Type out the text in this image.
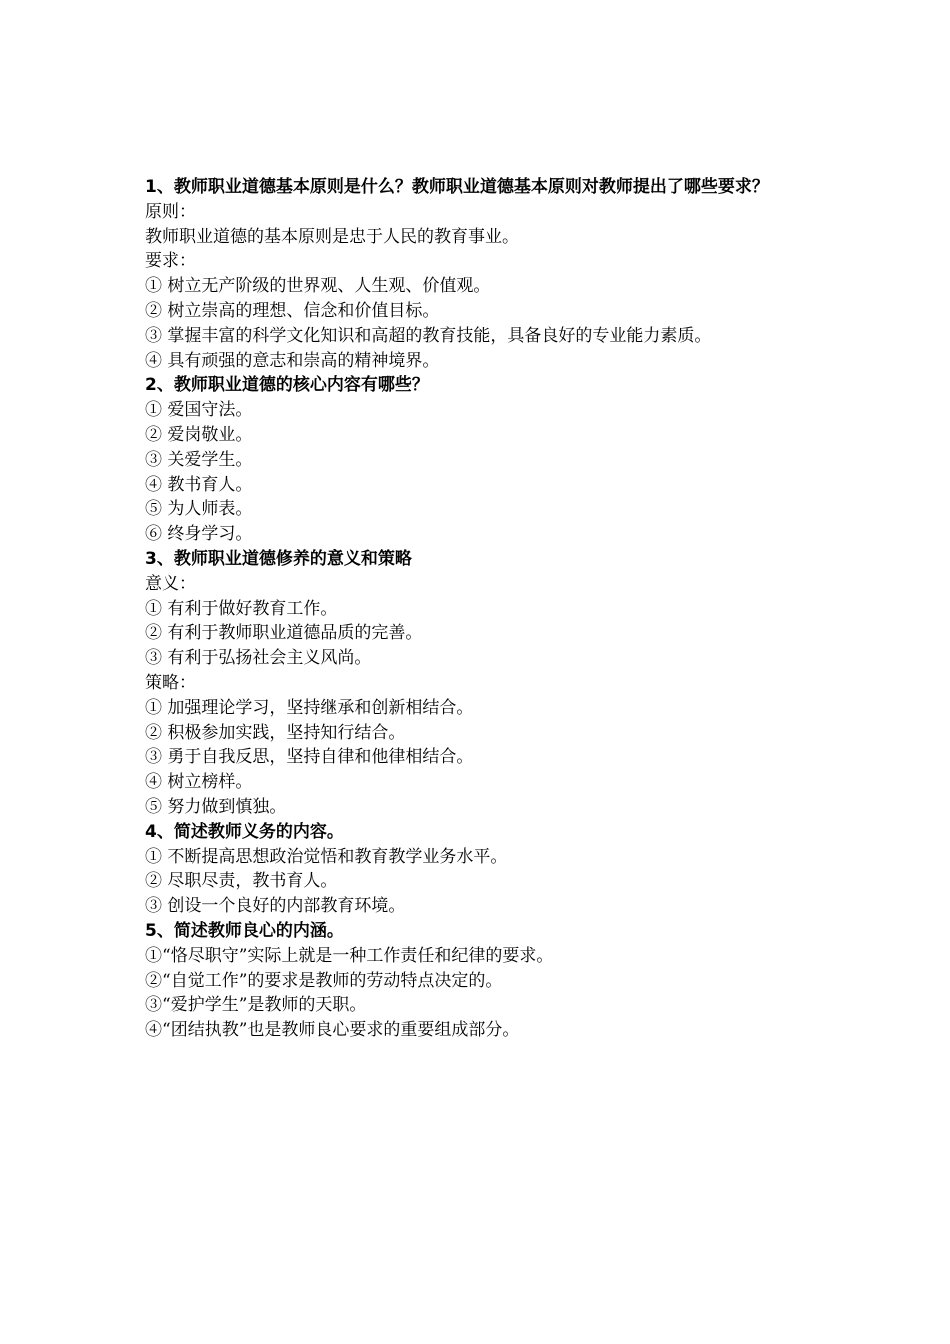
1、教师职业道德基本原则是什么？教师职业道德基本原则对教师提出了哪些要求？

原则：

教师职业道德的基本原则是忠于人民的教育事业。

要求：

① 树立无产阶级的世界观、人生观、价值观。

② 树立崇高的理想、信念和价值目标。

③ 掌握丰富的科学文化知识和高超的教育技能，具备良好的专业能力素质。

④ 具有顽强的意志和崇高的精神境界。

2、教师职业道德的核心内容有哪些？

① 爱国守法。

② 爱岗敬业。

③ 关爱学生。

④ 教书育人。

⑤ 为人师表。

⑥ 终身学习。

3、教师职业道德修养的意义和策略

意义：

① 有利于做好教育工作。

② 有利于教师职业道德品质的完善。

③ 有利于弘扬社会主义风尚。

策略：

① 加强理论学习，坚持继承和创新相结合。

② 积极参加实践，坚持知行结合。

③ 勇于自我反思，坚持自律和他律相结合。

④ 树立榜样。

⑤ 努力做到慎独。

4、简述教师义务的内容。

① 不断提高思想政治觉悟和教育教学业务水平。

② 尽职尽责，教书育人。

③ 创设一个良好的内部教育环境。

5、简述教师良心的内涵。

①“恪尽职守”实际上就是一种工作责任和纪律的要求。

②“自觉工作”的要求是教师的劳动特点决定的。

③“爱护学生”是教师的天职。

④“团结执教”也是教师良心要求的重要组成部分。
